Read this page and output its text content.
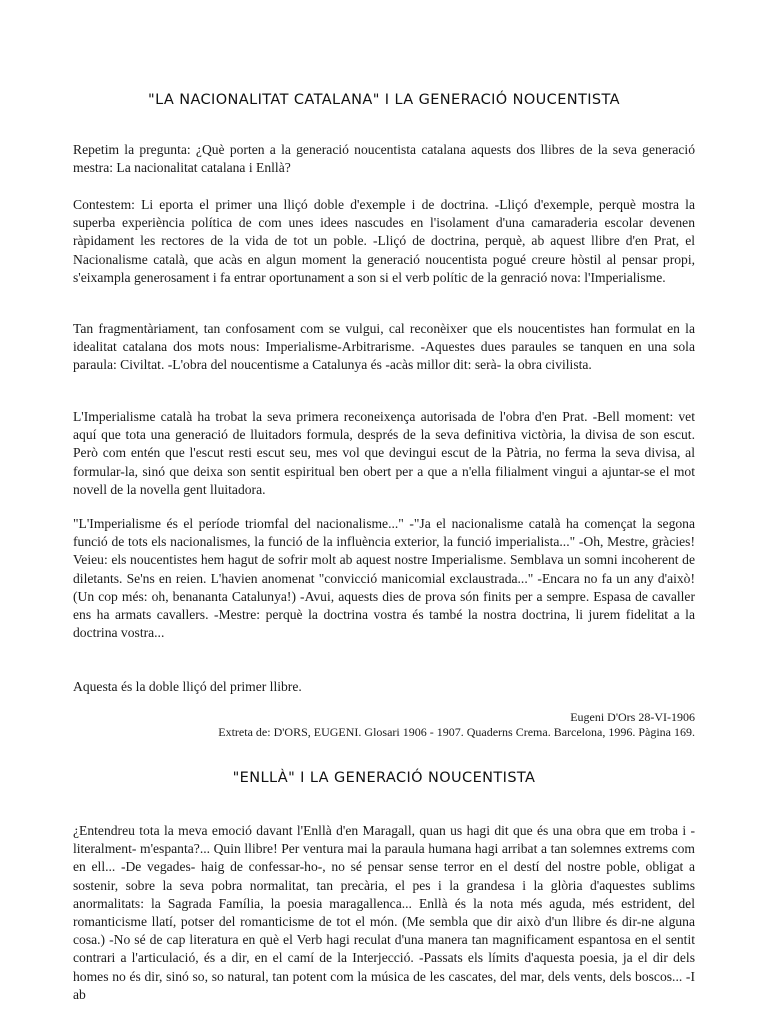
"LA NACIONALITAT CATALANA" I LA GENERACIÓ NOUCENTISTA

Repetim la pregunta: ¿Què porten a la generació noucentista catalana aquests dos llibres de la seva generació mestra: La nacionalitat catalana i Enllà?

Contestem: Li eporta el primer una lliçó doble d'exemple i de doctrina. -Lliçó d'exemple, perquè mostra la superba experiència política de com unes idees nascudes en l'isolament d'una camaraderia escolar devenen ràpidament les rectores de la vida de tot un poble. -Lliçó de doctrina, perquè, ab aquest llibre d'en Prat, el Nacionalisme català, que acàs en algun moment la generació noucentista pogué creure hòstil al pensar propi, s'eixampla generosament i fa entrar oportunament a son si el verb polític de la genració nova: l'Imperialisme.

Tan fragmentàriament, tan confosament com se vulgui, cal reconèixer que els noucentistes han formulat en la idealitat catalana dos mots nous: Imperialisme-Arbitrarisme. -Aquestes dues paraules se tanquen en una sola paraula: Civiltat. -L'obra del noucentisme a Catalunya és -acàs millor dit: serà- la obra civilista.

L'Imperialisme català ha trobat la seva primera reconeixença autorisada de l'obra d'en Prat. -Bell moment: vet aquí que tota una generació de lluitadors formula, després de la seva definitiva victòria, la divisa de son escut. Però com entén que l'escut resti escut seu, mes vol que devingui escut de la Pàtria, no ferma la seva divisa, al formular-la, sinó que deixa son sentit espiritual ben obert per a que a n'ella filialment vingui a ajuntar-se el mot novell de la novella gent lluitadora.

"L'Imperialisme és el període triomfal del nacionalisme..." -"Ja el nacionalisme català ha començat la segona funció de tots els nacionalismes, la funció de la influència exterior, la funció imperialista..." -Oh, Mestre, gràcies! Veieu: els noucentistes hem hagut de sofrir molt ab aquest nostre Imperialisme. Semblava un somni incoherent de diletants. Se'ns en reien. L'havien anomenat "convicció manicomial exclaustrada..." -Encara no fa un any d'això! (Un cop més: oh, benananta Catalunya!) -Avui, aquests dies de prova són finits per a sempre. Espasa de cavaller ens ha armats cavallers. -Mestre: perquè la doctrina vostra és també la nostra doctrina, li jurem fidelitat a la doctrina vostra...

Aquesta és la doble lliçó del primer llibre.

Eugeni D'Ors 28-VI-1906

Extreta de: D'ORS, EUGENI. Glosari 1906 - 1907. Quaderns Crema. Barcelona, 1996. Pàgina 169.

"ENLLÀ" I LA GENERACIÓ NOUCENTISTA

¿Entendreu tota la meva emoció davant l'Enllà d'en Maragall, quan us hagi dit que és una obra que em troba i -literalment- m'espanta?... Quin llibre! Per ventura mai la paraula humana hagi arribat a tan solemnes extrems com en ell... -De vegades- haig de confessar-ho-, no sé pensar sense terror en el destí del nostre poble, obligat a sostenir, sobre la seva pobra normalitat, tan precària, el pes i la grandesa i la glòria d'aquestes sublims anormalitats: la Sagrada Família, la poesia maragallenca... Enllà és la nota més aguda, més estrident, del romanticisme llatí, potser del romanticisme de tot el món. (Me sembla que dir això d'un llibre és dir-ne alguna cosa.) -No sé de cap literatura en què el Verb hagi reculat d'una manera tan magnificament espantosa en el sentit contrari a l'articulació, és a dir, en el camí de la Interjecció. -Passats els límits d'aquesta poesia, ja el dir dels homes no és dir, sinó so, so natural, tan potent com la música de les cascates, del mar, dels vents, dels boscos... -I ab
